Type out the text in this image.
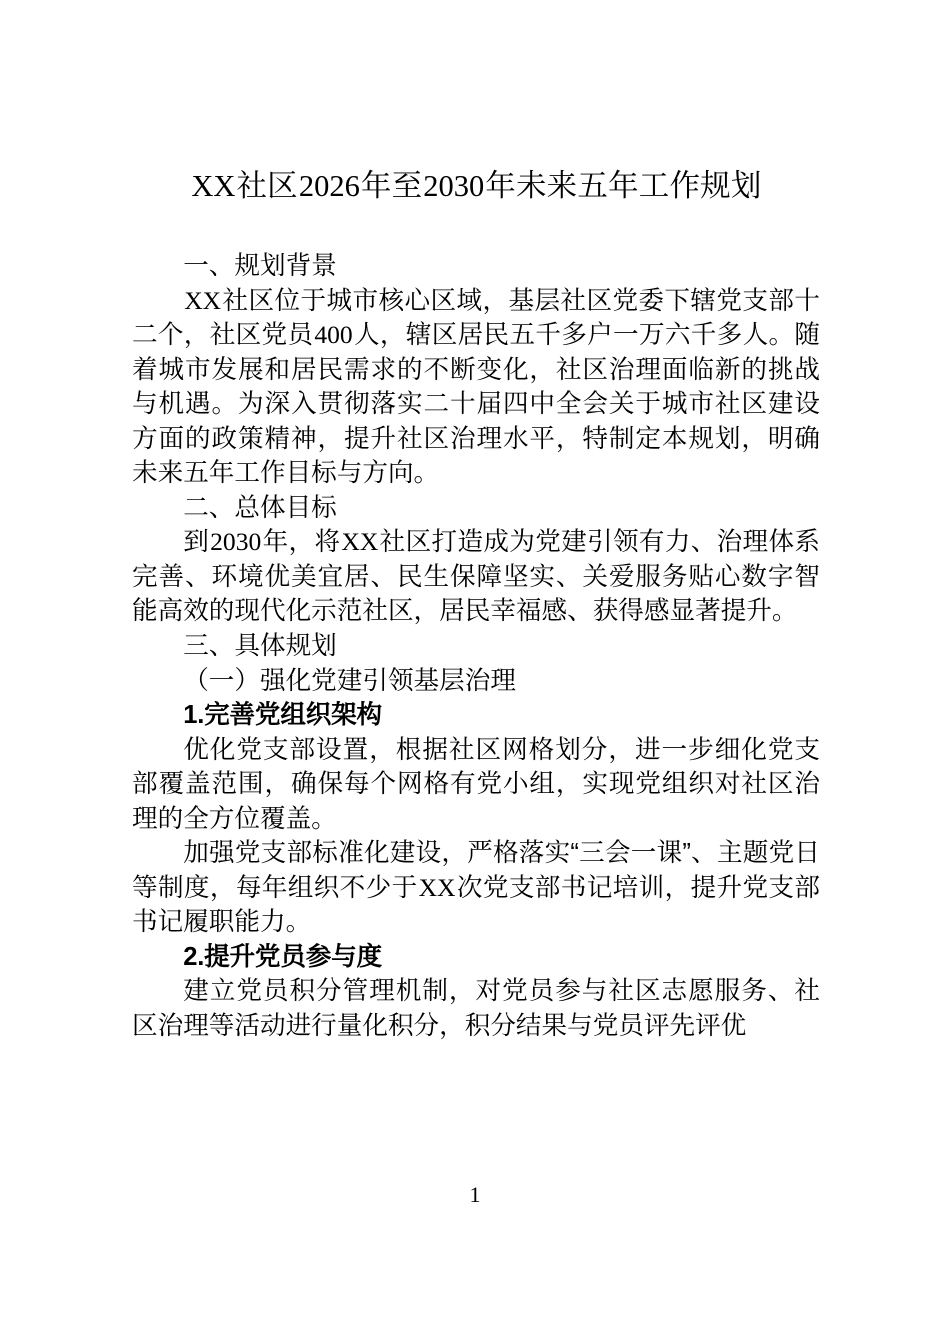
XX社区2026年至2030年未来五年工作规划

一、规划背景

XX社区位于城市核心区域，基层社区党委下辖党支部十二个，社区党员400人，辖区居民五千多户一万六千多人。随着城市发展和居民需求的不断变化，社区治理面临新的挑战与机遇。为深入贯彻落实二十届四中全会关于城市社区建设方面的政策精神，提升社区治理水平，特制定本规划，明确未来五年工作目标与方向。

二、总体目标

到2030年，将XX社区打造成为党建引领有力、治理体系完善、环境优美宜居、民生保障坚实、关爱服务贴心数字智能高效的现代化示范社区，居民幸福感、获得感显著提升。

三、具体规划

（一）强化党建引领基层治理

1.完善党组织架构

优化党支部设置，根据社区网格划分，进一步细化党支部覆盖范围，确保每个网格有党小组，实现党组织对社区治理的全方位覆盖。

加强党支部标准化建设，严格落实“三会一课”、主题党日等制度，每年组织不少于XX次党支部书记培训，提升党支部书记履职能力。

2.提升党员参与度

建立党员积分管理机制，对党员参与社区志愿服务、社区治理等活动进行量化积分，积分结果与党员评先评优

1
